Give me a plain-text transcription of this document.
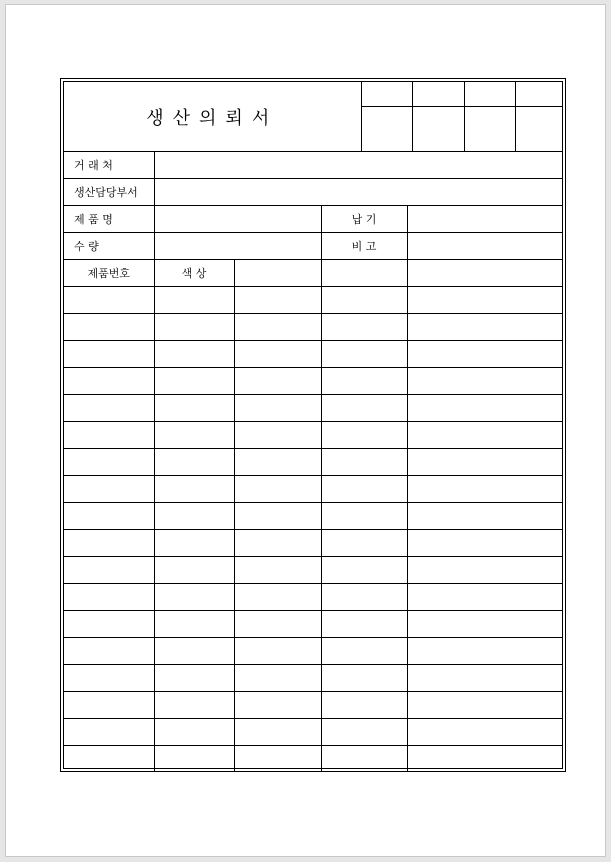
생산의뢰서				

거 래 처				
생산담당부서				
제 품 명			납 기	
수 량			비 고	
제품번호	색 상			
